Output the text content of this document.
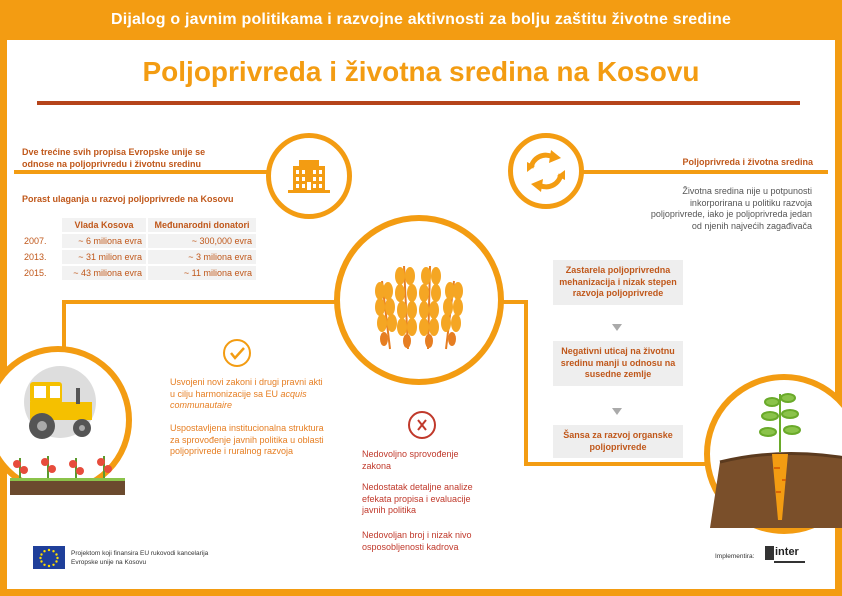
Dijalog o javnim politikama i razvojne aktivnosti za bolju zaštitu životne sredine
Poljoprivreda i životna sredina na Kosovu
Dve trećine svih propisa Evropske unije se odnose na poljoprivredu i životnu sredinu
Porast ulaganja u razvoj poljoprivrede na Kosovu
	Vlada Kosova	Međunarodni donatori
2007.	~ 6 miliona evra	~ 300,000 evra
2013.	~ 31 milion evra	~ 3 miliona evra
2015.	~ 43 miliona evra	~ 11 miliona evra
Poljoprivreda i životna sredina
Životna sredina nije u potpunosti inkorporirana u politiku razvoja poljoprivrede, iako je poljoprivreda jedan od njenih najvećih zagađivača
Usvojeni novi zakoni i drugi pravni akti u cilju harmonizacije sa EU acquis communautaire
Uspostavljena institucionalna struktura za sprovođenje javnih politika u oblasti poljoprivrede i ruralnog razvoja	Nedovoljno sprovođenje zakona
Nedostatak detaljne analize efekata propisa i evaluacije javnih politika
Nedovoljan broj i nizak nivo osposobljenosti kadrova
Zastarela poljoprivredna mehanizacija i nizak stepen razvoja poljoprivrede
Negativni uticaj na životnu sredinu manji u odnosu na susedne zemlje
Šansa za razvoj organske poljoprivrede
Projektom koji finansira EU rukovodi kancelarija Evropske unije na Kosovu
Implementira: inter
